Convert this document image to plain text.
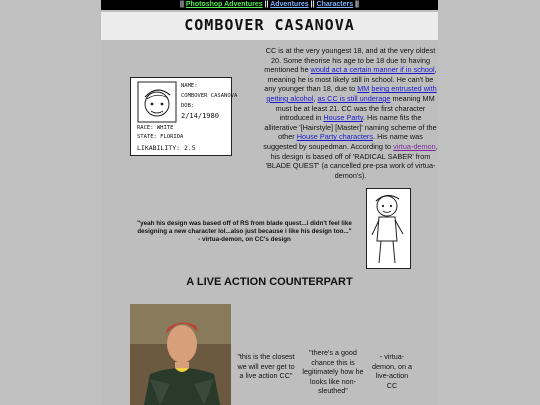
|| Photoshop Adventures || Adventures || Characters ||
COMBOVER CASANOVA
NAME:
COMBOVER CASANOVA
DOB:
2/14/1980
RACE: WHITE
STATE: FLORIDA
LIKABILITY: 2.5
CC is at the very youngest 18, and at the very oldest 20. Some theorise his age to be 18 due to having mentioned he would act a certain manner if in school, meaning he is most likely still in school. He can't be any younger than 18, due to MM being entrusted with getting alcohol, as CC is still underage meaning MM must be at least 21. CC was the first character introduced in House Party. His name fits the alliterative '[Hairstyle] [Master]' naming scheme of the other House Party characters. His name was suggested by soupedman. According to virtua-demon, his design is based off of 'RADICAL SABER' from 'BLADE QUEST' (a cancelled pre-psa work of virtua-demon's).
"yeah his design was based off of RS from blade quest...i didn't feel like designing a new character lol...also just because i like his design too..."
- virtua-demon, on CC's design
A LIVE ACTION COUNTERPART
"this is the closest we will ever get to a live action CC"
"there's a good chance this is legitimately how he looks like non-sleuthed"
- virtua-demon, on a live-action CC
